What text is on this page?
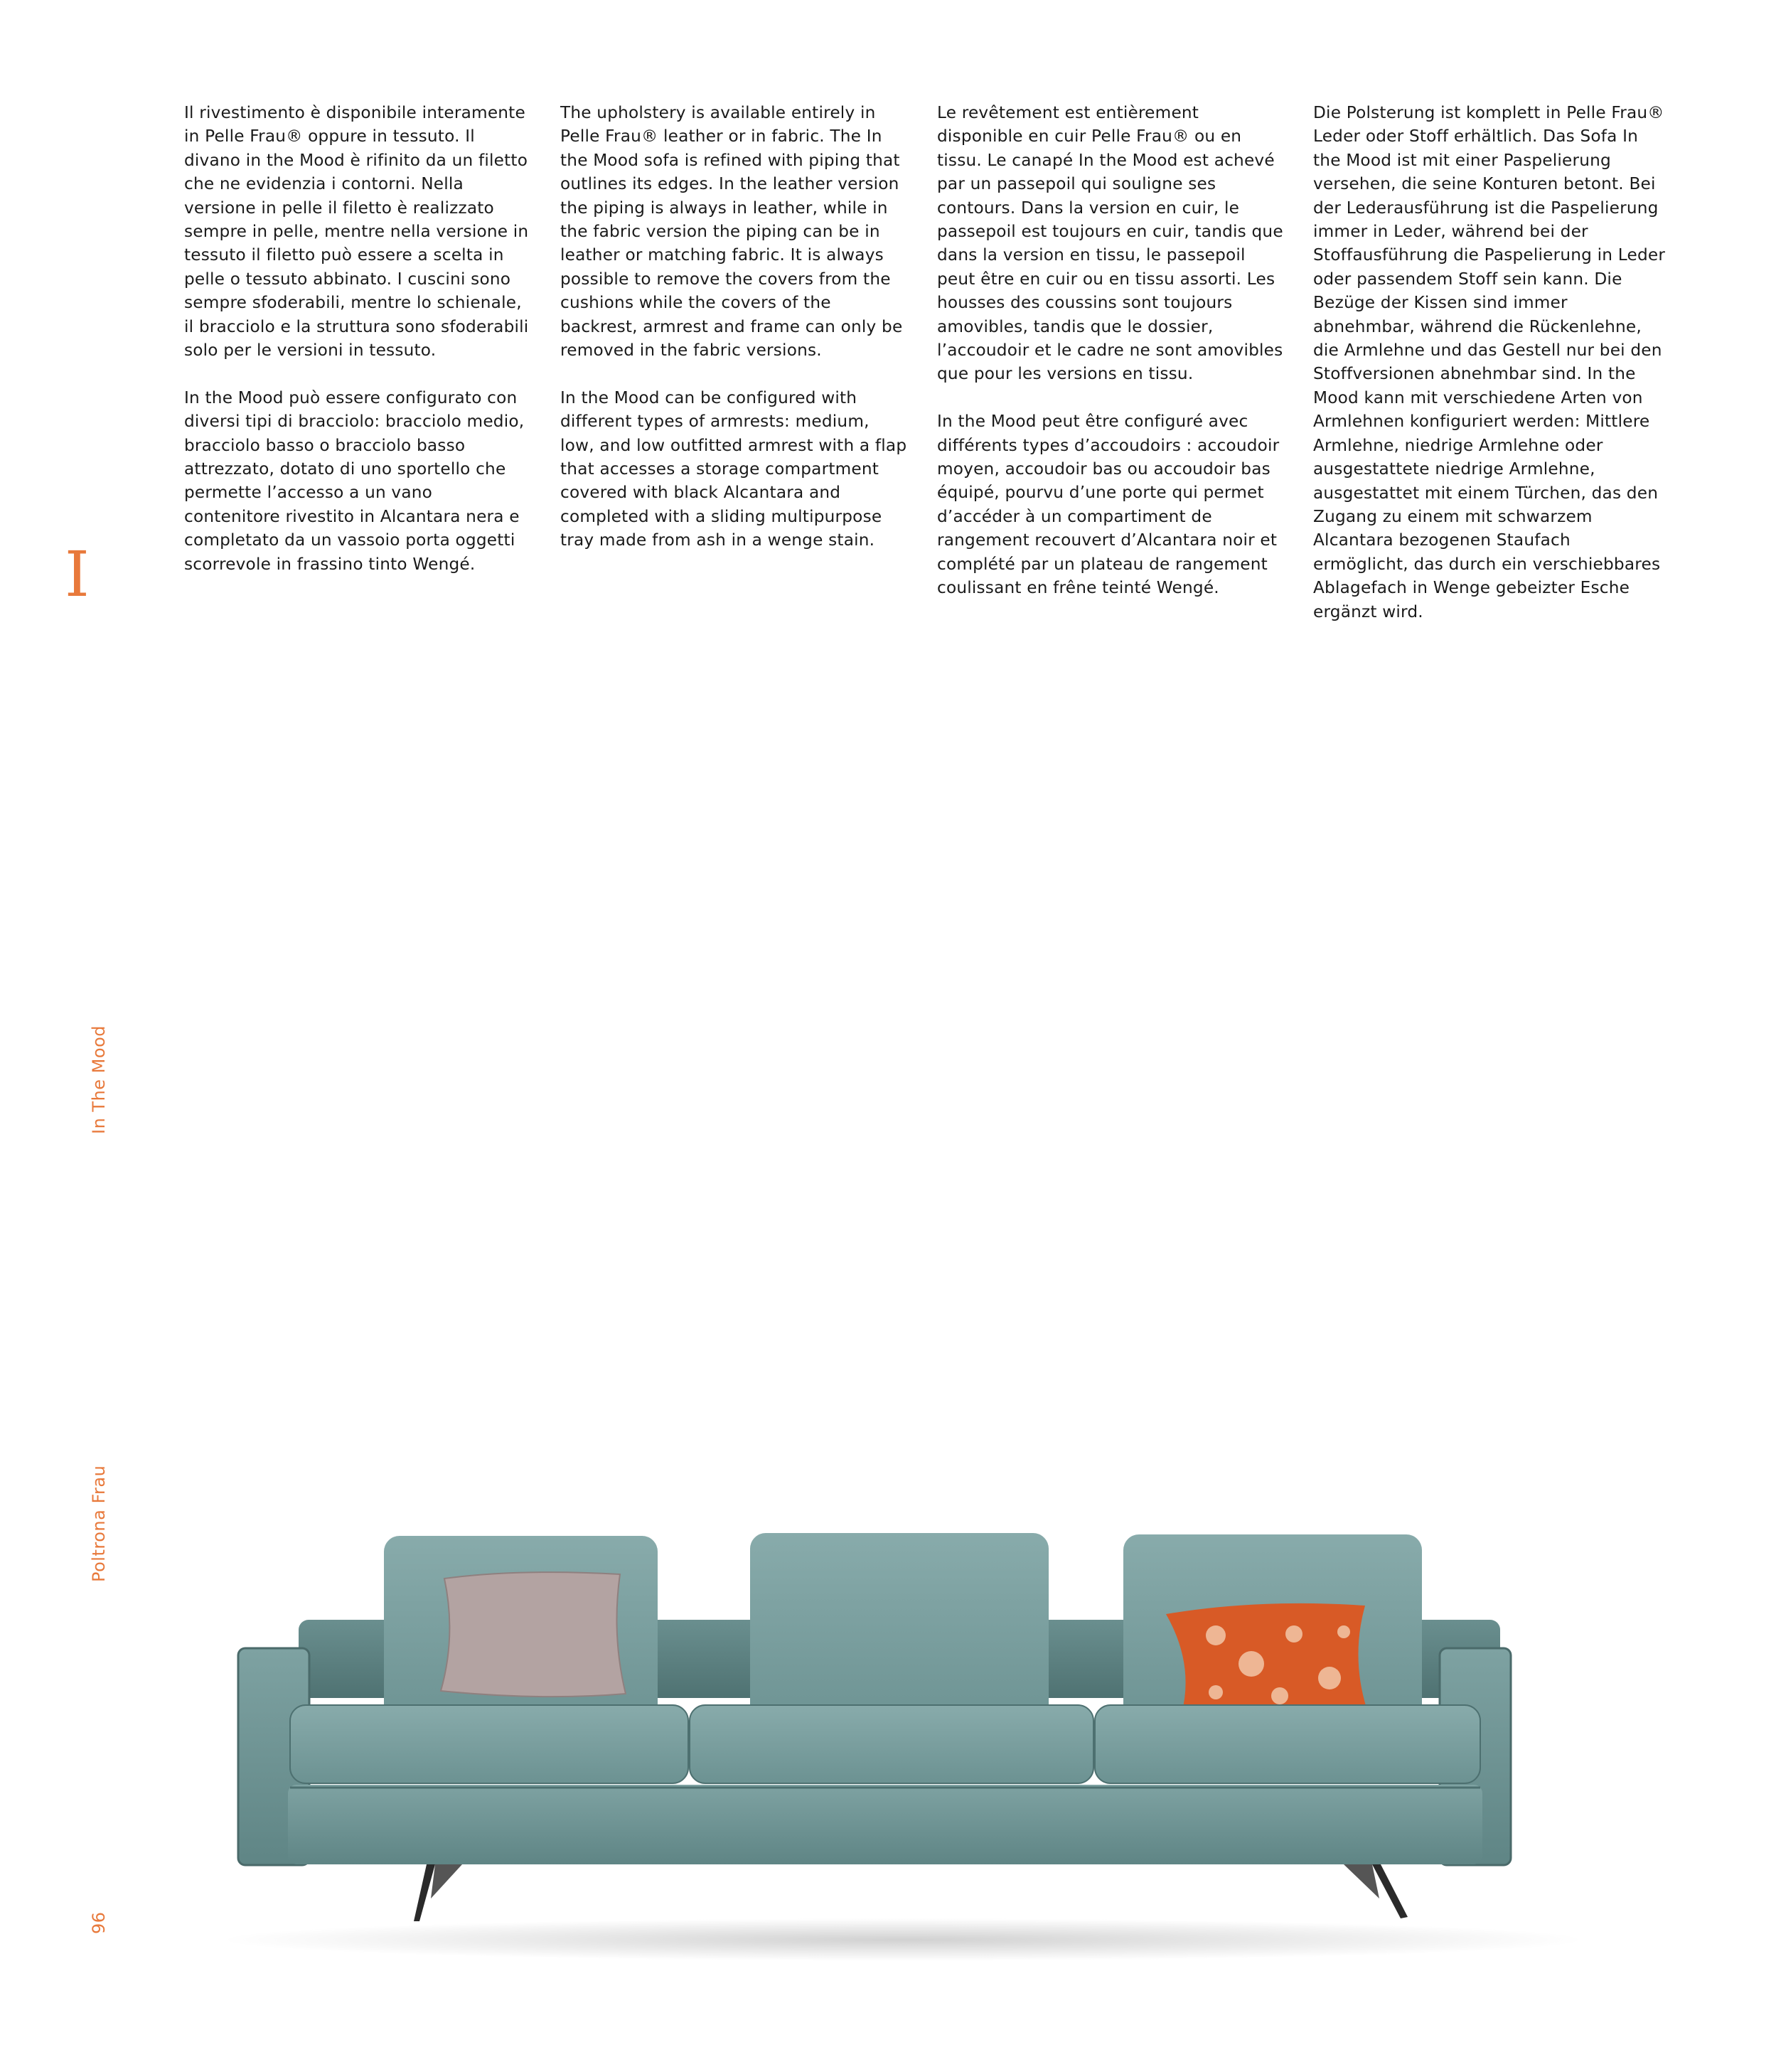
Il rivestimento è disponibile interamente in Pelle Frau® oppure in tessuto. Il divano in the Mood è rifinito da un filetto che ne evidenzia i contorni. Nella versione in pelle il filetto è realizzato sempre in pelle, mentre nella versione in tessuto il filetto può essere a scelta in pelle o tessuto abbinato. I cuscini sono sempre sfoderabili, mentre lo schienale, il bracciolo e la struttura sono sfoderabili solo per le versioni in tessuto.

In the Mood può essere configurato con diversi tipi di bracciolo: bracciolo medio, bracciolo basso o bracciolo basso attrezzato, dotato di uno sportello che permette l’accesso a un vano contenitore rivestito in Alcantara nera e completato da un vassoio porta oggetti scorrevole in frassino tinto Wengé.

The upholstery is available entirely in Pelle Frau® leather or in fabric. The In the Mood sofa is refined with piping that outlines its edges. In the leather version the piping is always in leather, while in the fabric version the piping can be in leather or matching fabric. It is always possible to remove the covers from the cushions while the covers of the backrest, armrest and frame can only be removed in the fabric versions.

In the Mood can be configured with different types of armrests: medium, low, and low outfitted armrest with a flap that accesses a storage compartment covered with black Alcantara and completed with a sliding multipurpose tray made from ash in a wenge stain.

Le revêtement est entièrement disponible en cuir Pelle Frau® ou en tissu. Le canapé In the Mood est achevé par un passepoil qui souligne ses contours. Dans la version en cuir, le passepoil est toujours en cuir, tandis que dans la version en tissu, le passepoil peut être en cuir ou en tissu assorti. Les housses des coussins sont toujours amovibles, tandis que le dossier, l’accoudoir et le cadre ne sont amovibles que pour les versions en tissu.

In the Mood peut être configuré avec différents types d’accoudoirs : accoudoir moyen, accoudoir bas ou accoudoir bas équipé, pourvu d’une porte qui permet d’accéder à un compartiment de rangement recouvert d’Alcantara noir et complété par un plateau de rangement coulissant en frêne teinté Wengé.

Die Polsterung ist komplett in Pelle Frau® Leder oder Stoff erhältlich. Das Sofa In the Mood ist mit einer Paspelierung versehen, die seine Konturen betont. Bei der Lederausführung ist die Paspelierung immer in Leder, während bei der Stoffausführung die Paspelierung in Leder oder passendem Stoff sein kann. Die Bezüge der Kissen sind immer abnehmbar, während die Rückenlehne, die Armlehne und das Gestell nur bei den Stoffversionen abnehmbar sind. In the Mood kann mit verschiedene Arten von Armlehnen konfiguriert werden: Mittlere Armlehne, niedrige Armlehne oder ausgestattete niedrige Armlehne, ausgestattet mit einem Türchen, das den Zugang zu einem mit schwarzem Alcantara bezogenen Staufach ermöglicht, das durch ein verschiebbares Ablagefach in Wenge gebeizter Esche ergänzt wird.

I
In The Mood
Poltrona Frau
96
